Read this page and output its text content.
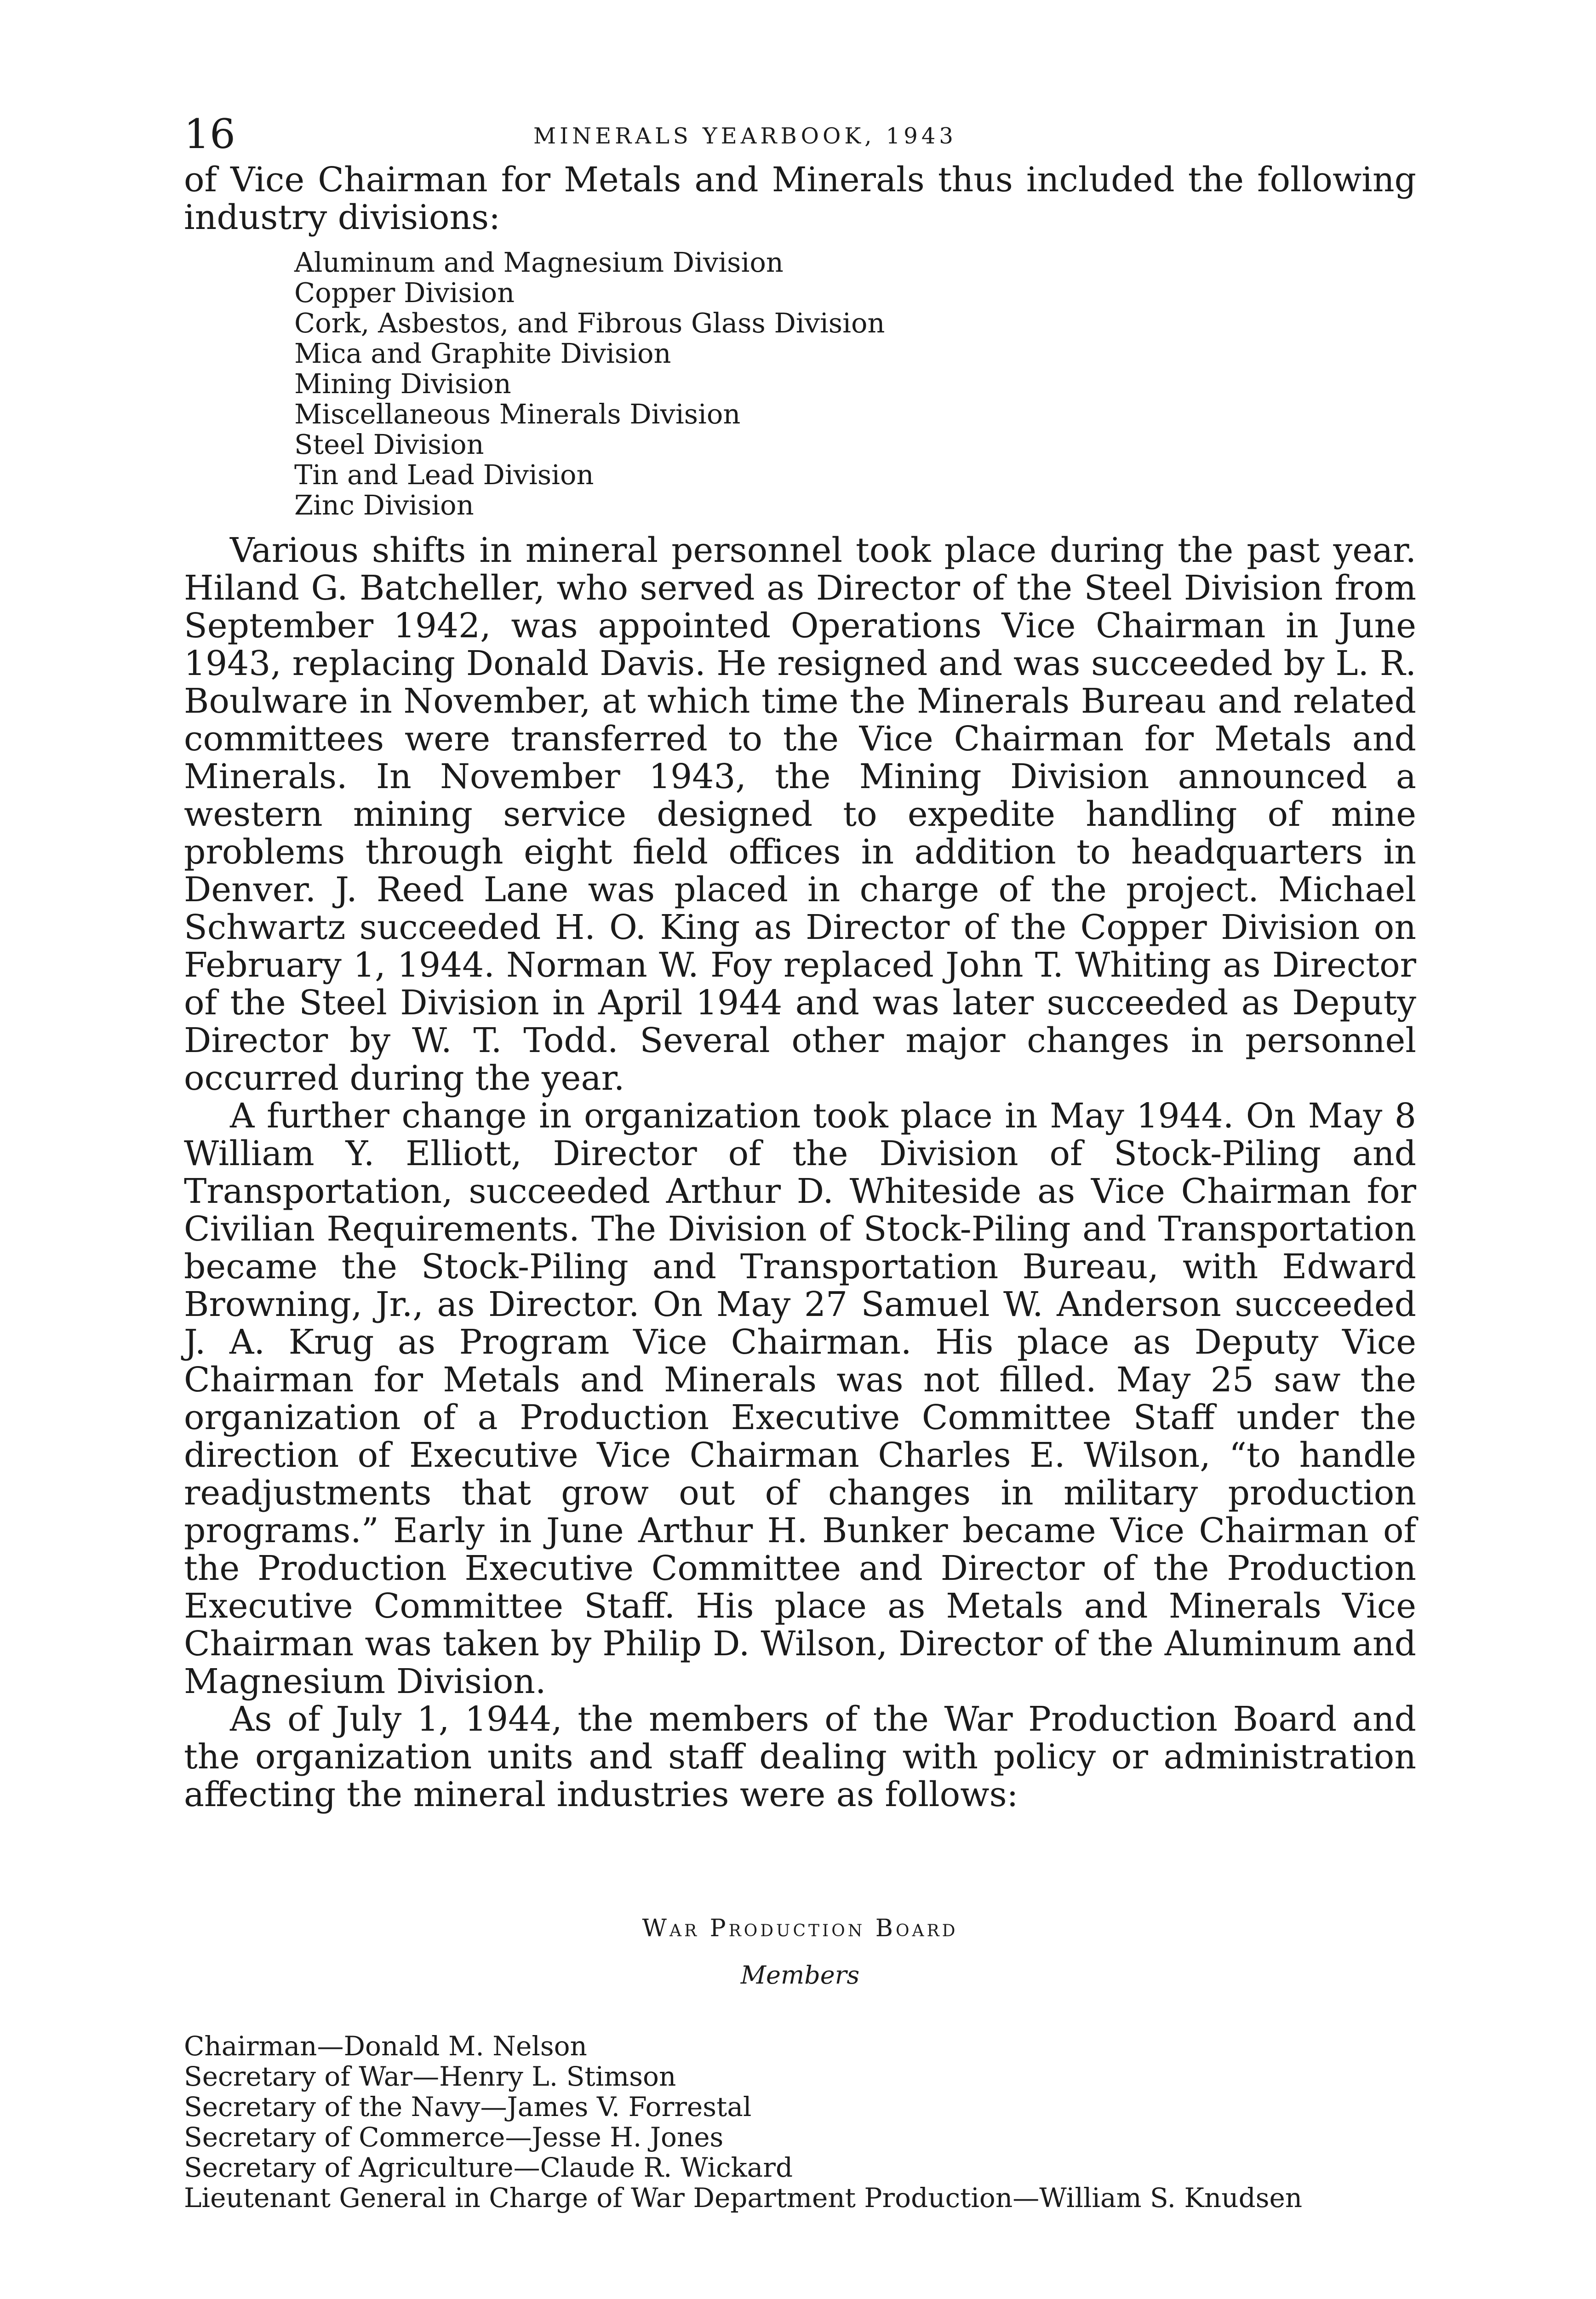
16	MINERALS YEARBOOK, 1943

of Vice Chairman for Metals and Minerals thus included the following industry divisions:

Aluminum and Magnesium Division
Copper Division
Cork, Asbestos, and Fibrous Glass Division
Mica and Graphite Division
Mining Division
Miscellaneous Minerals Division
Steel Division
Tin and Lead Division
Zinc Division

Various shifts in mineral personnel took place during the past year. Hiland G. Batcheller, who served as Director of the Steel Division from September 1942, was appointed Operations Vice Chairman in June 1943, replacing Donald Davis. He resigned and was succeeded by L. R. Boulware in November, at which time the Minerals Bureau and related committees were transferred to the Vice Chairman for Metals and Minerals. In November 1943, the Mining Division announced a western mining service designed to expedite handling of mine problems through eight field offices in addition to headquarters in Denver. J. Reed Lane was placed in charge of the project. Michael Schwartz succeeded H. O. King as Director of the Copper Division on February 1, 1944. Norman W. Foy replaced John T. Whiting as Director of the Steel Division in April 1944 and was later succeeded as Deputy Director by W. T. Todd. Several other major changes in personnel occurred during the year.

A further change in organization took place in May 1944. On May 8 William Y. Elliott, Director of the Division of Stock-Piling and Transportation, succeeded Arthur D. Whiteside as Vice Chairman for Civilian Requirements. The Division of Stock-Piling and Transportation became the Stock-Piling and Transportation Bureau, with Edward Browning, Jr., as Director. On May 27 Samuel W. Anderson succeeded J. A. Krug as Program Vice Chairman. His place as Deputy Vice Chairman for Metals and Minerals was not filled. May 25 saw the organization of a Production Executive Committee Staff under the direction of Executive Vice Chairman Charles E. Wilson, “to handle readjustments that grow out of changes in military production programs.” Early in June Arthur H. Bunker became Vice Chairman of the Production Executive Committee and Director of the Production Executive Committee Staff. His place as Metals and Minerals Vice Chairman was taken by Philip D. Wilson, Director of the Aluminum and Magnesium Division.

As of July 1, 1944, the members of the War Production Board and the organization units and staff dealing with policy or administration affecting the mineral industries were as follows:

War Production Board
Members
Chairman—Donald M. Nelson
Secretary of War—Henry L. Stimson
Secretary of the Navy—James V. Forrestal
Secretary of Commerce—Jesse H. Jones
Secretary of Agriculture—Claude R. Wickard
Lieutenant General in Charge of War Department Production—William S. Knudsen
